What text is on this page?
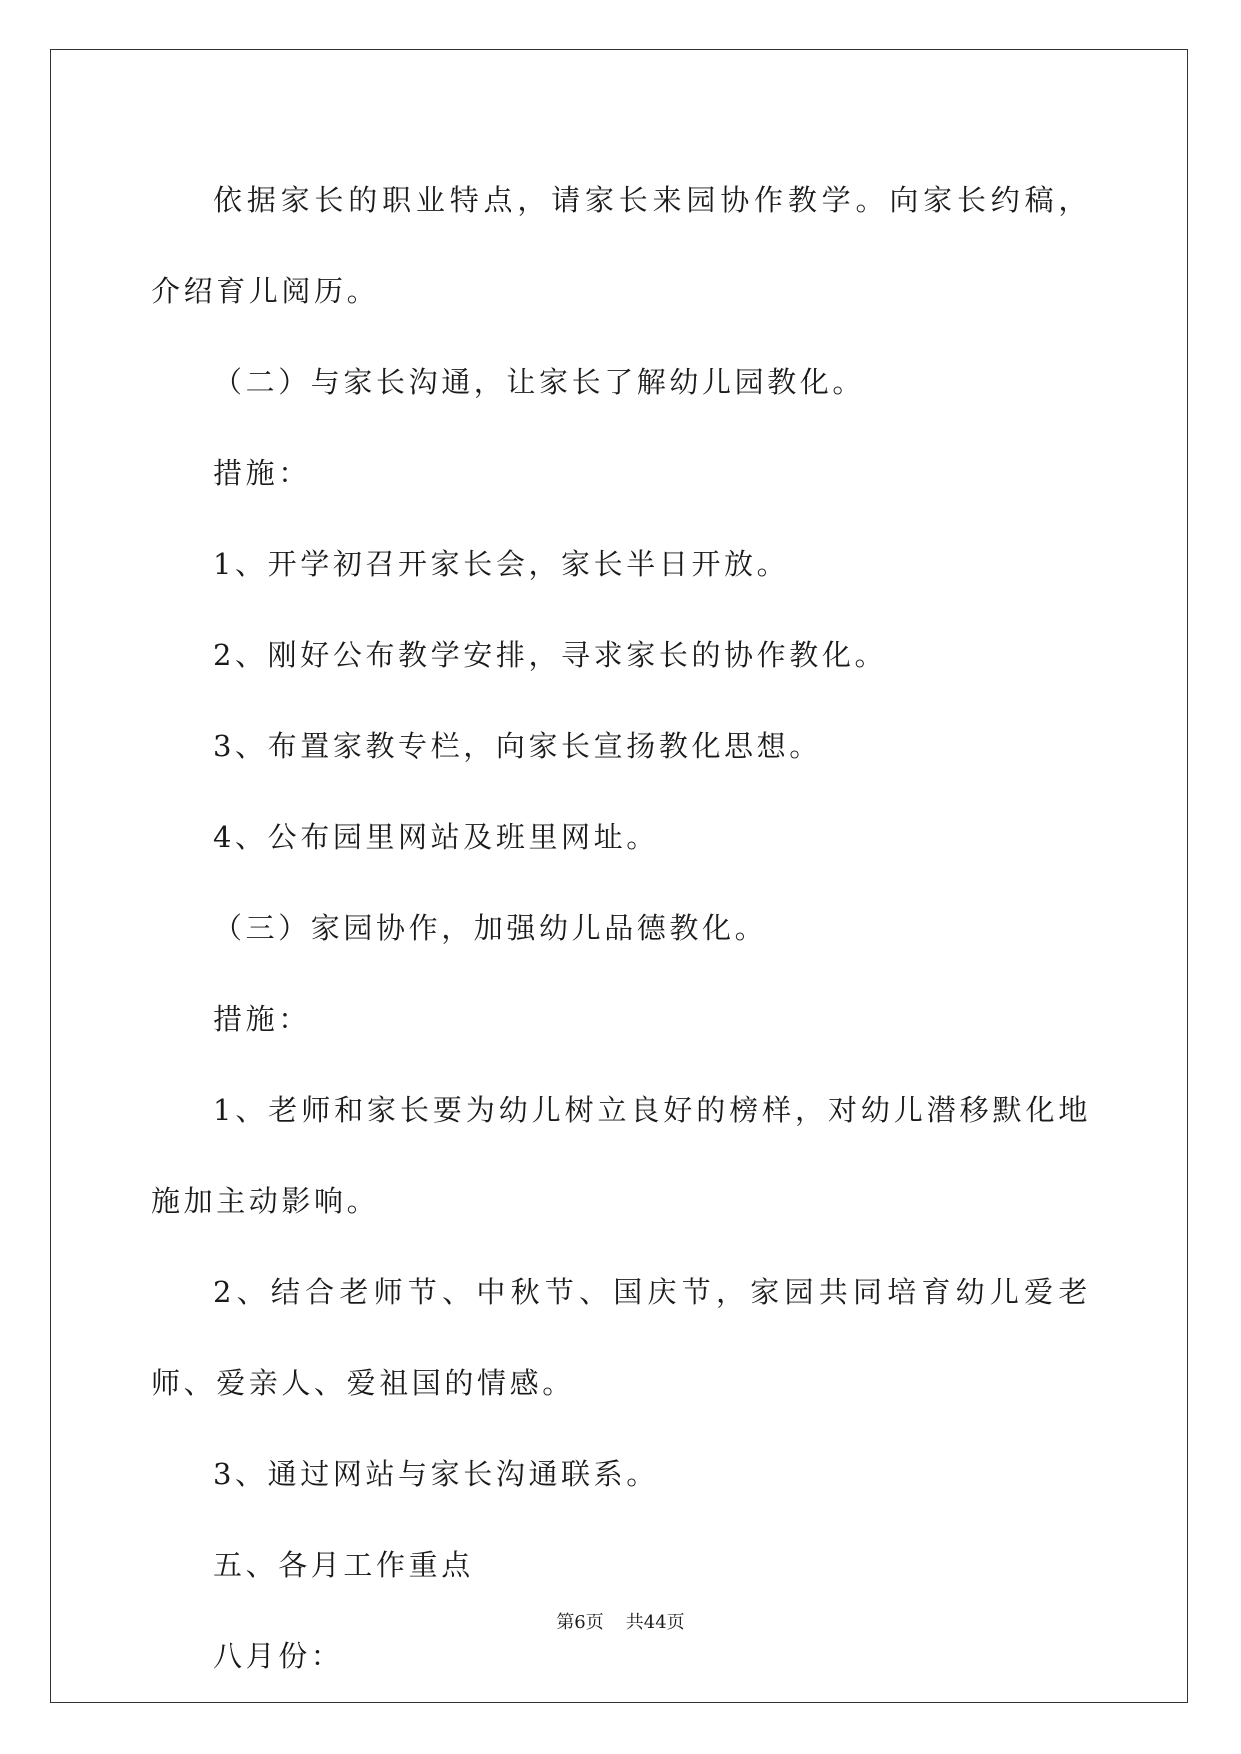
依据家长的职业特点，请家长来园协作教学。向家长约稿，介绍育儿阅历。

（二）与家长沟通，让家长了解幼儿园教化。

措施：

1、开学初召开家长会，家长半日开放。

2、刚好公布教学安排，寻求家长的协作教化。

3、布置家教专栏，向家长宣扬教化思想。

4、公布园里网站及班里网址。

（三）家园协作，加强幼儿品德教化。

措施：

1、老师和家长要为幼儿树立良好的榜样，对幼儿潜移默化地施加主动影响。

2、结合老师节、中秋节、国庆节，家园共同培育幼儿爱老师、爱亲人、爱祖国的情感。

3、通过网站与家长沟通联系。

五、各月工作重点

八月份：

第6页 共44页
